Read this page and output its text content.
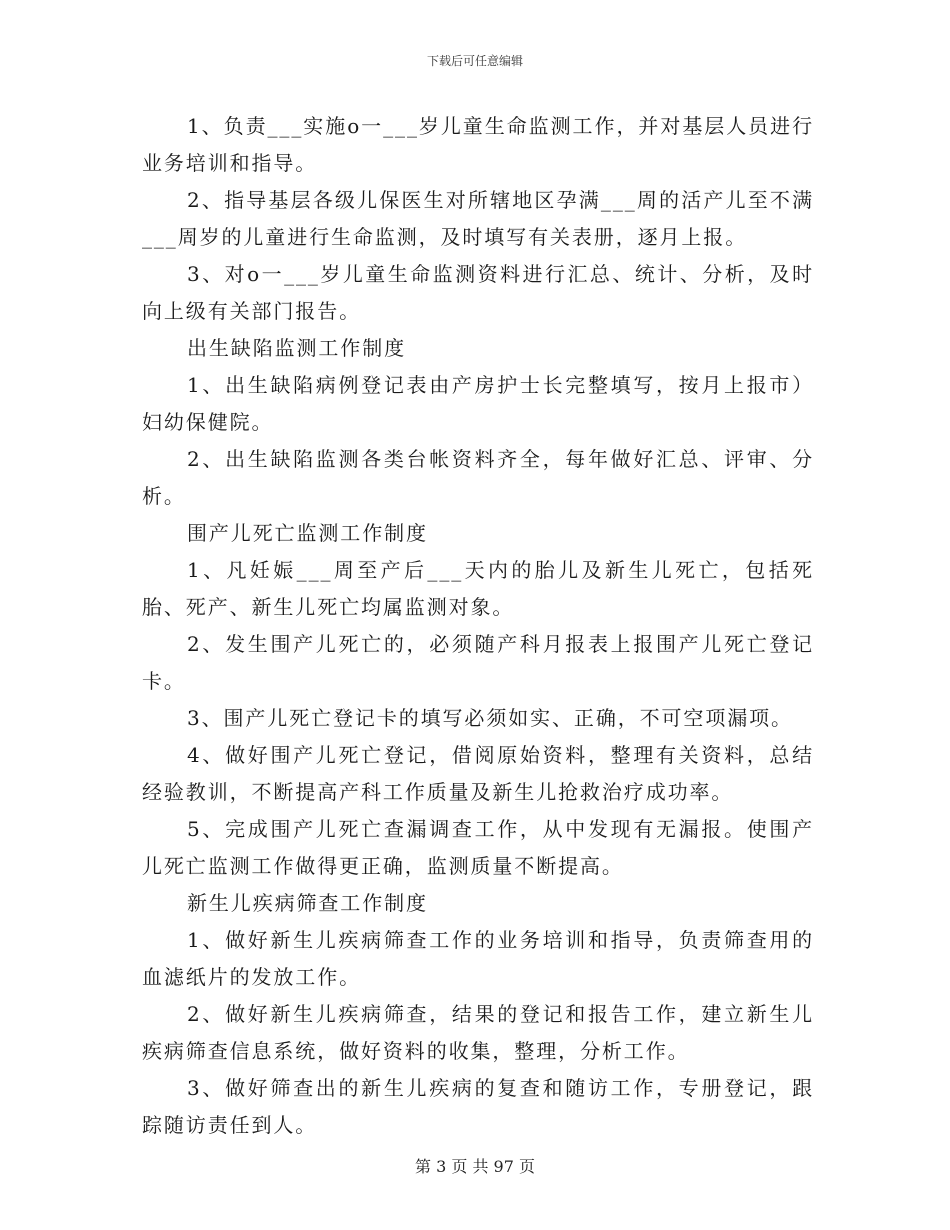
下载后可任意编辑

1、负责___实施o一___岁儿童生命监测工作，并对基层人员进行业务培训和指导。

2、指导基层各级儿保医生对所辖地区孕满___周的活产儿至不满___周岁的儿童进行生命监测，及时填写有关表册，逐月上报。

3、对o一___岁儿童生命监测资料进行汇总、统计、分析，及时向上级有关部门报告。

出生缺陷监测工作制度

1、出生缺陷病例登记表由产房护士长完整填写，按月上报市）妇幼保健院。

2、出生缺陷监测各类台帐资料齐全，每年做好汇总、评审、分析。

围产儿死亡监测工作制度

1、凡妊娠___周至产后___天内的胎儿及新生儿死亡，包括死胎、死产、新生儿死亡均属监测对象。

2、发生围产儿死亡的，必须随产科月报表上报围产儿死亡登记卡。

3、围产儿死亡登记卡的填写必须如实、正确，不可空项漏项。

4、做好围产儿死亡登记，借阅原始资料，整理有关资料，总结经验教训，不断提高产科工作质量及新生儿抢救治疗成功率。

5、完成围产儿死亡查漏调查工作，从中发现有无漏报。使围产儿死亡监测工作做得更正确，监测质量不断提高。

新生儿疾病筛查工作制度

1、做好新生儿疾病筛查工作的业务培训和指导，负责筛查用的血滤纸片的发放工作。

2、做好新生儿疾病筛查，结果的登记和报告工作，建立新生儿疾病筛查信息系统，做好资料的收集，整理，分析工作。

3、做好筛查出的新生儿疾病的复查和随访工作，专册登记，跟踪随访责任到人。

第 3 页 共 97 页
